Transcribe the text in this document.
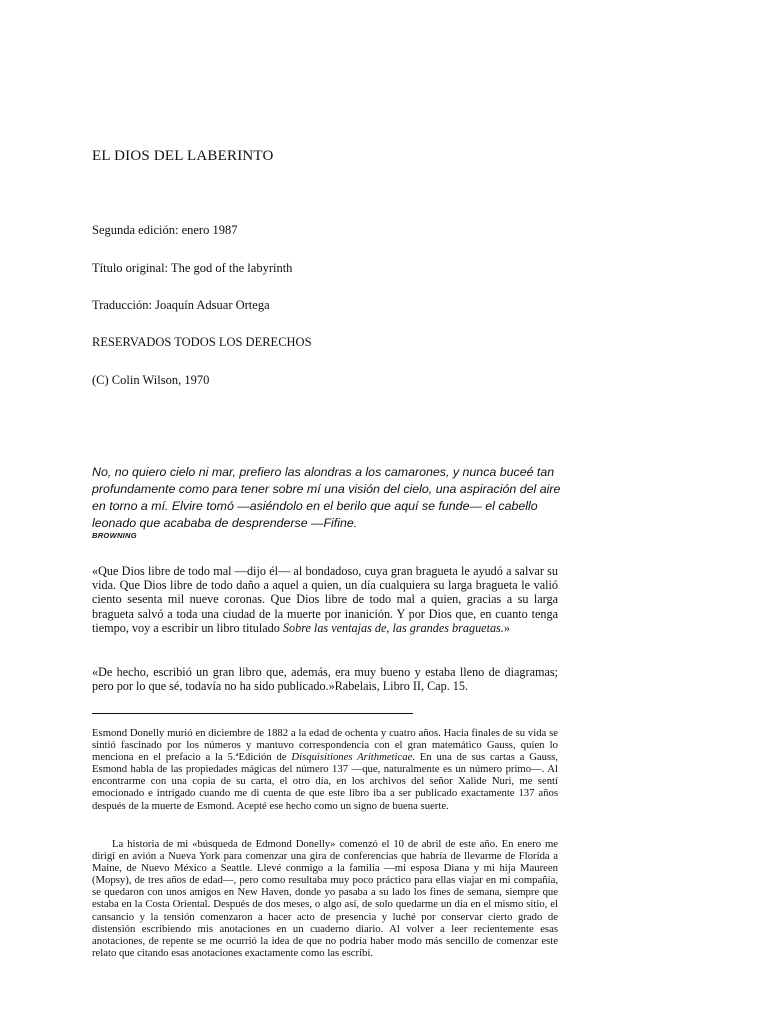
EL DIOS DEL LABERINTO
Segunda edición: enero 1987
Título original: The god of the labyrinth
Traducción: Joaquín Adsuar Ortega
RESERVADOS TODOS LOS DERECHOS
(C) Colin Wilson, 1970
No, no quiero cielo ni mar, prefiero las alondras a los camarones, y nunca buceé tan profundamente como para tener sobre mí una visión del cielo, una aspiración del aire en torno a mí. Elvire tomó —asiéndolo en el berilo que aquí se funde— el cabello leonado que acababa de desprenderse —Fifine.
BROWNING
«Que Dios libre de todo mal —dijo él— al bondadoso, cuya gran bragueta le ayudó a salvar su vida. Que Dios libre de todo daño a aquel a quien, un día cualquiera su larga bragueta le valió ciento sesenta mil nueve coronas. Que Dios libre de todo mal a quien, gracias a su larga bragueta salvó a toda una ciudad de la muerte por inanición. Y por Dios que, en cuanto tenga tiempo, voy a escribir un libro titulado Sobre las ventajas de, las grandes braguetas.»
«De hecho, escribió un gran libro que, además, era muy bueno y estaba lleno de diagramas; pero por lo que sé, todavía no ha sido publicado.»Rabelais, Libro II, Cap. 15.
Esmond Donelly murió en diciembre de 1882 a la edad de ochenta y cuatro años. Hacia finales de su vida se sintió fascinado por los números y mantuvo correspondencia con el gran matemático Gauss, quien lo menciona en el prefacio a la 5.ªEdición de Disquisitiones Arithmeticae. En una de sus cartas a Gauss, Esmond habla de las propiedades mágicas del número 137 —que, naturalmente es un número primo—. Al encontrarme con una copia de su carta, el otro día, en los archivos del señor Xalide Nuri, me sentí emocionado e intrigado cuando me di cuenta de que este libro iba a ser publicado exactamente 137 años después de la muerte de Esmond. Acepté ese hecho como un signo de buena suerte.
La historia de mi «búsqueda de Edmond Donelly» comenzó el 10 de abril de este año. En enero me dirigí en avión a Nueva York para comenzar una gira de conferencias que habría de llevarme de Florida a Maine, de Nuevo México a Seattle. Llevé conmigo a la familia —mi esposa Diana y mi hija Maureen (Mopsy), de tres años de edad—, pero como resultaba muy poco práctico para ellas viajar en mi compañía, se quedaron con unos amigos en New Haven, donde yo pasaba a su lado los fines de semana, siempre que estaba en la Costa Oriental. Después de dos meses, o algo así, de solo quedarme un día en el mismo sitio, el cansancio y la tensión comenzaron a hacer acto de presencia y luché por conservar cierto grado de distensión escribiendo mis anotaciones en un cuaderno diario. Al volver a leer recientemente esas anotaciones, de repente se me ocurrió la idea de que no podría haber modo más sencillo de comenzar este relato que citando esas anotaciones exactamente como las escribí.
